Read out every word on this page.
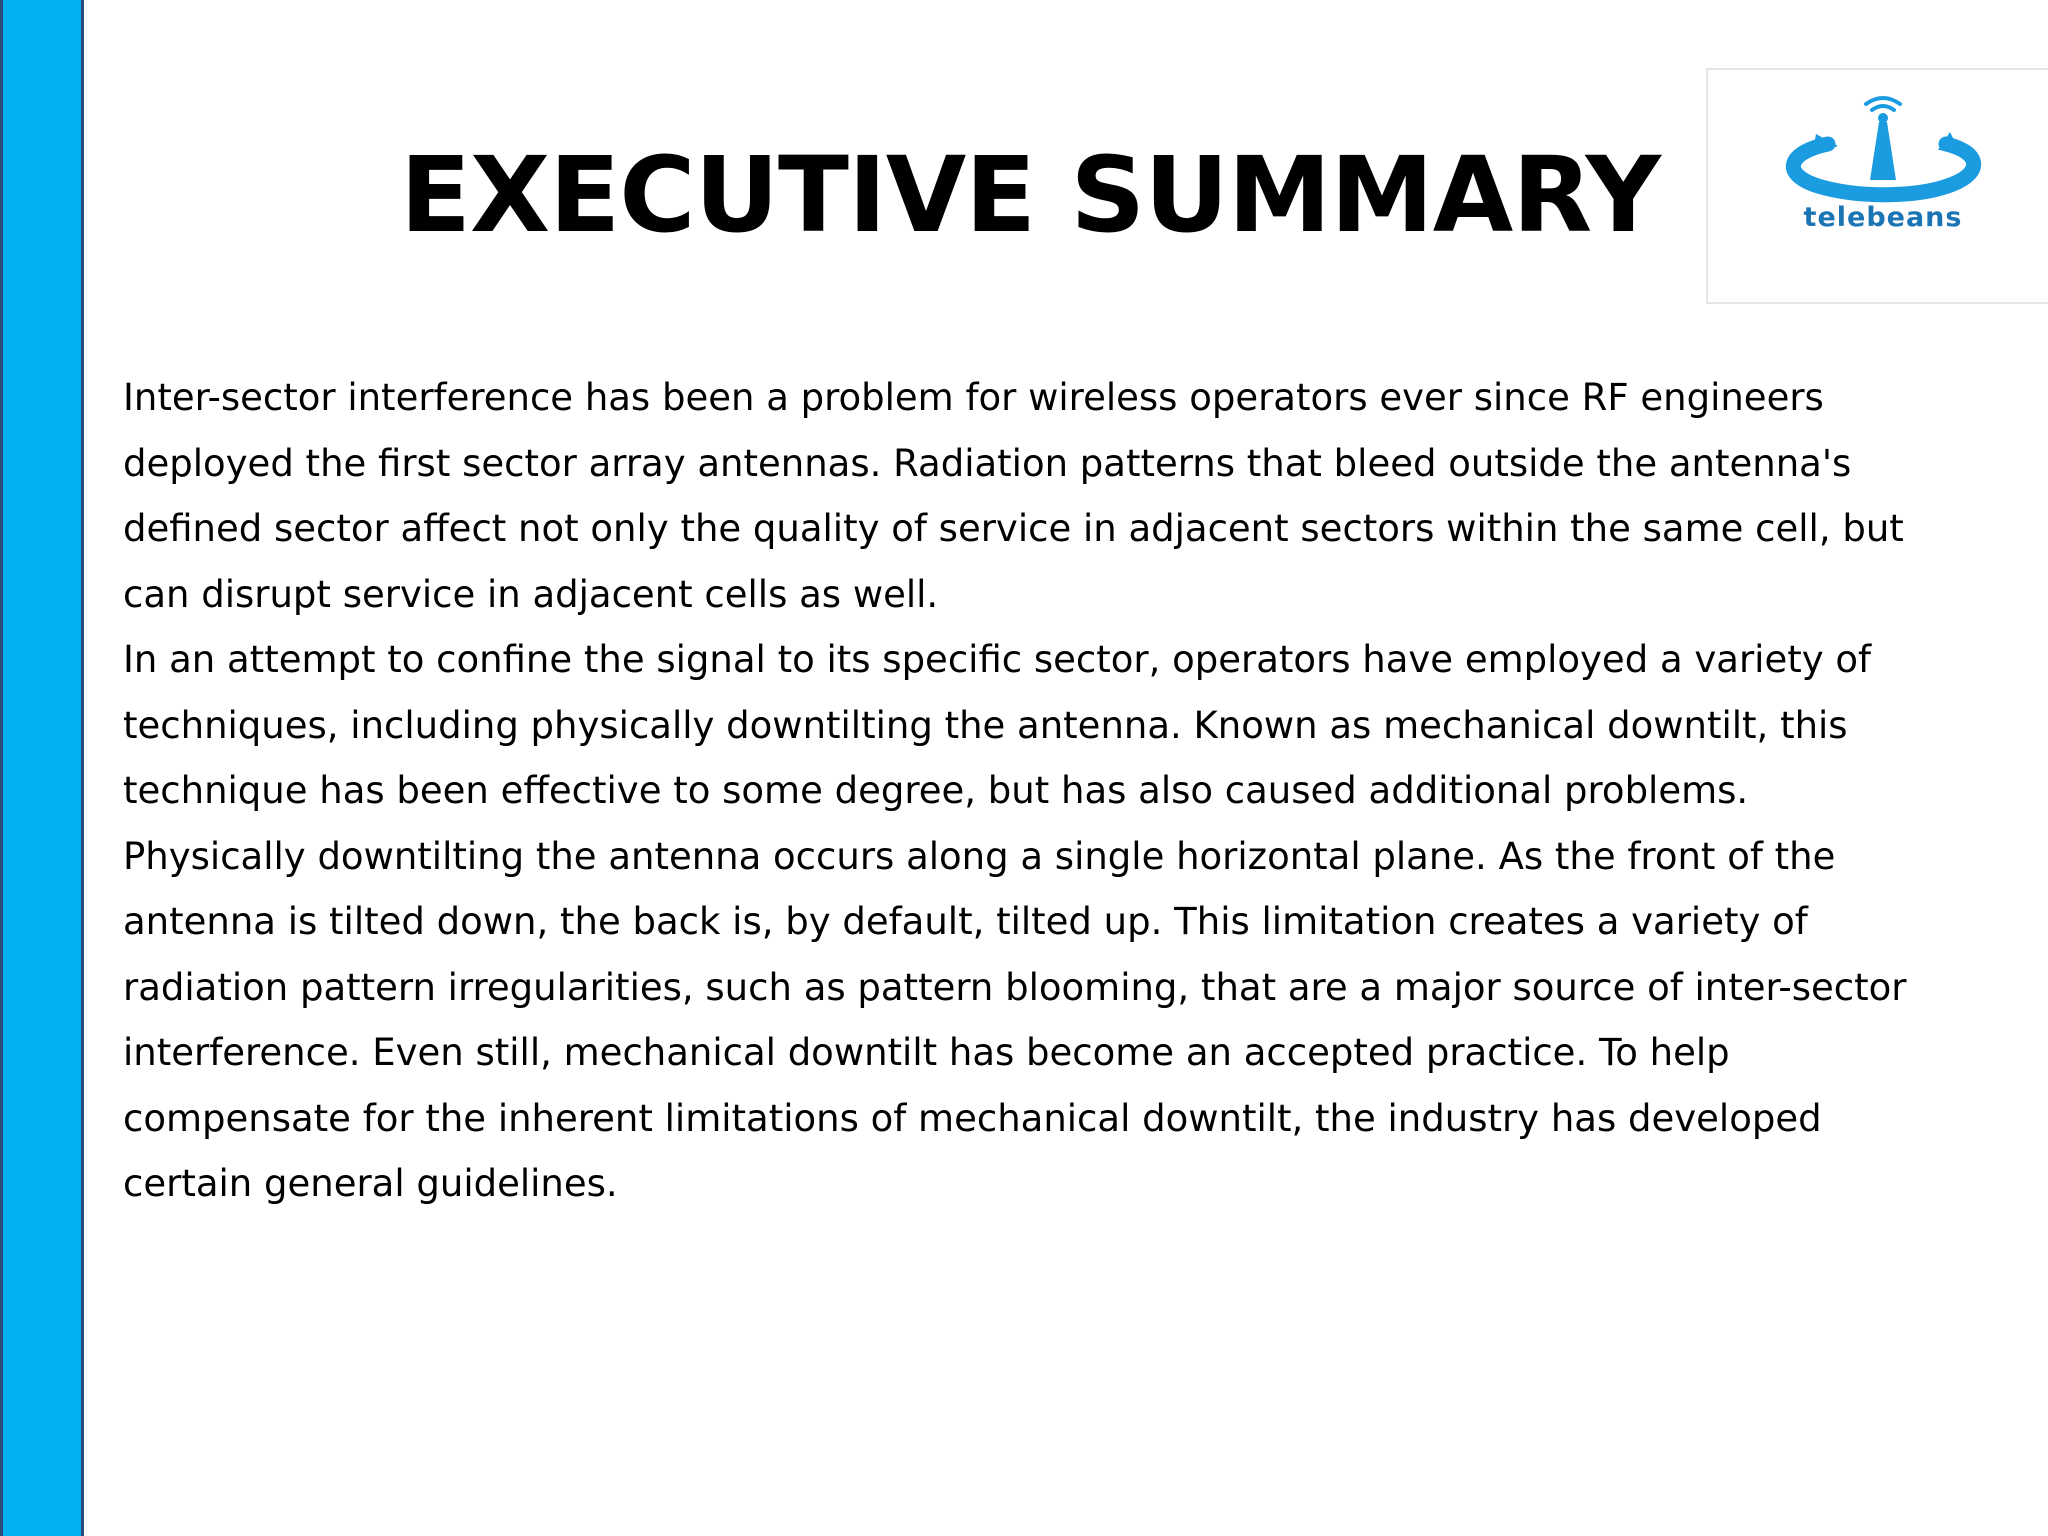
EXECUTIVE SUMMARY	telebeans

Inter-sector interference has been a problem for wireless operators ever since RF engineers deployed the first sector array antennas. Radiation patterns that bleed outside the antenna's defined sector affect not only the quality of service in adjacent sectors within the same cell, but can disrupt service in adjacent cells as well.

In an attempt to confine the signal to its specific sector, operators have employed a variety of techniques, including physically downtilting the antenna. Known as mechanical downtilt, this technique has been effective to some degree, but has also caused additional problems. Physically downtilting the antenna occurs along a single horizontal plane. As the front of the antenna is tilted down, the back is, by default, tilted up. This limitation creates a variety of radiation pattern irregularities, such as pattern blooming, that are a major source of inter-sector interference. Even still, mechanical downtilt has become an accepted practice. To help compensate for the inherent limitations of mechanical downtilt, the industry has developed certain general guidelines.
